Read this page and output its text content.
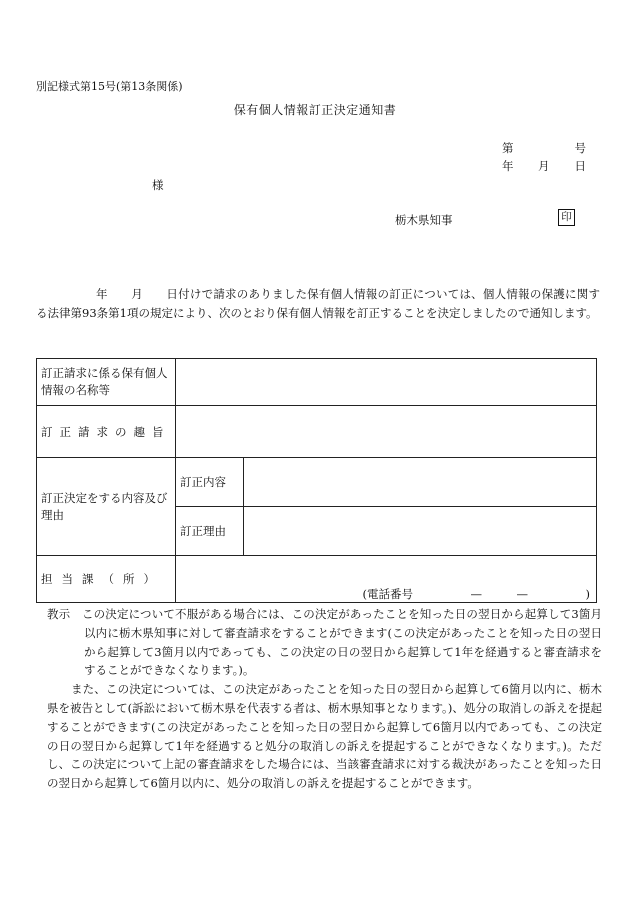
別記様式第15号(第13条関係)
保有個人情報訂正決定通知書
第	号
年 月 日
様
栃木県知事	印
年　　月　　日付けで請求のありました保有個人情報の訂正については、個人情報の保護に関する法律第93条第1項の規定により、次のとおり保有個人情報を訂正することを決定しましたので通知します。
訂正請求に係る保有個人情報の名称等		
訂正請求の趣旨		
訂正決定をする内容及び理由	訂正内容	
	訂正理由	
担当課（所）	(電話番号　　　　　—　　　—　　　　　)	

教示　この決定について不服がある場合には、この決定があったことを知った日の翌日から起算して3箇月以内に栃木県知事に対して審査請求をすることができます(この決定があったことを知った日の翌日から起算して3箇月以内であっても、この決定の日の翌日から起算して1年を経過すると審査請求をすることができなくなります。)。

また、この決定については、この決定があったことを知った日の翌日から起算して6箇月以内に、栃木県を被告として(訴訟において栃木県を代表する者は、栃木県知事となります。)、処分の取消しの訴えを提起することができます(この決定があったことを知った日の翌日から起算して6箇月以内であっても、この決定の日の翌日から起算して1年を経過すると処分の取消しの訴えを提起することができなくなります。)。ただし、この決定について上記の審査請求をした場合には、当該審査請求に対する裁決があったことを知った日の翌日から起算して6箇月以内に、処分の取消しの訴えを提起することができます。
